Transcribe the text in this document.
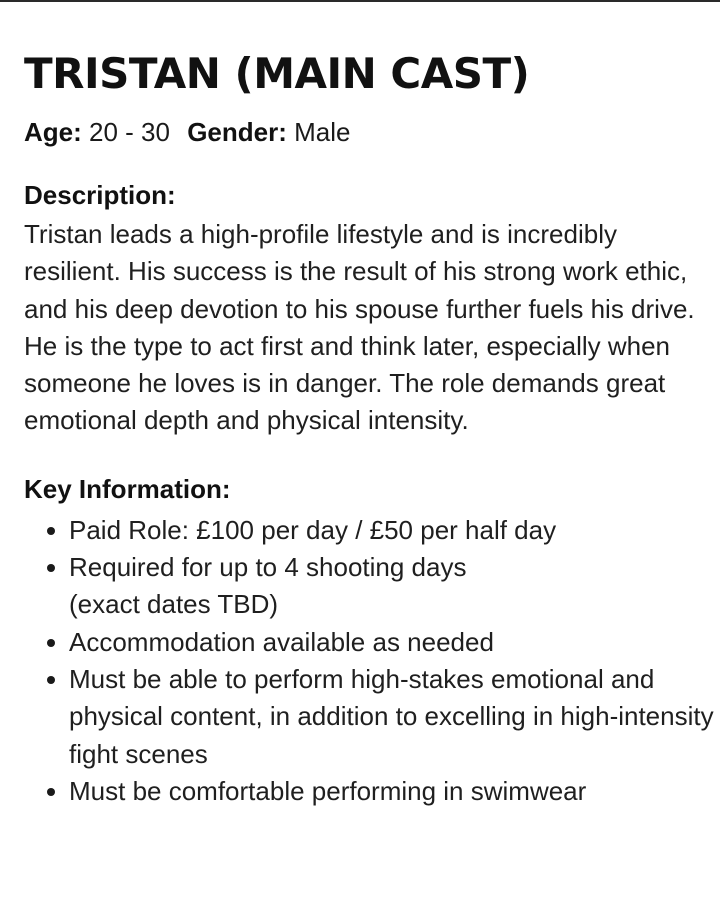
TRISTAN (MAIN CAST)
Age: 20 - 30 Gender: Male
Description:
Tristan leads a high-profile lifestyle and is incredibly resilient. His success is the result of his strong work ethic, and his deep devotion to his spouse further fuels his drive. He is the type to act first and think later, especially when someone he loves is in danger. The role demands great emotional depth and physical intensity.
Key Information:
Paid Role: £100 per day / £50 per half day
Required for up to 4 shooting days
(exact dates TBD)
Accommodation available as needed
Must be able to perform high-stakes emotional and physical content, in addition to excelling in high-intensity fight scenes
Must be comfortable performing in swimwear
